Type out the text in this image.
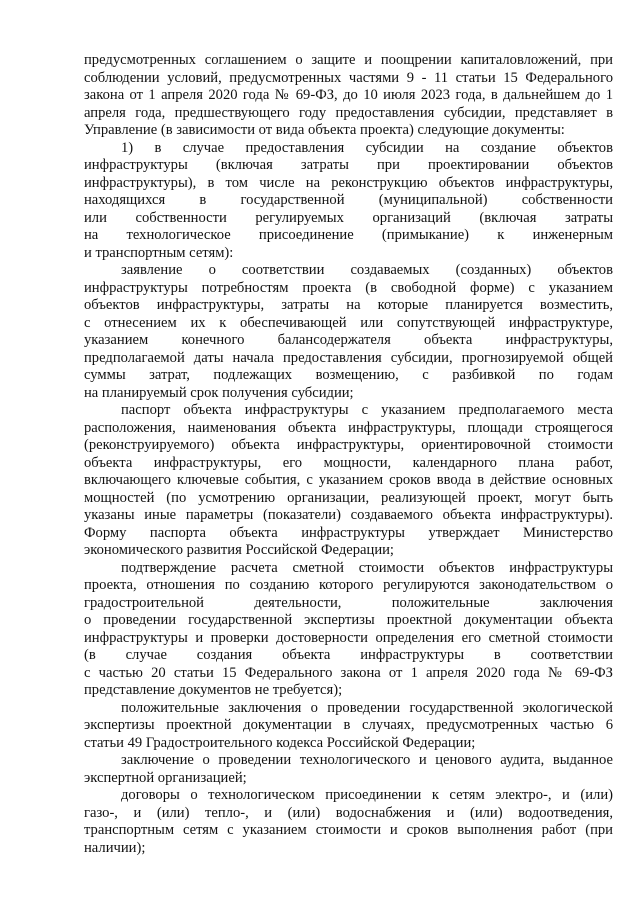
предусмотренных соглашением о защите и поощрении капиталовложений, при
соблюдении условий, предусмотренных частями 9 - 11 статьи 15 Федерального
закона от 1 апреля 2020 года № 69-ФЗ, до 10 июля 2023 года, в дальнейшем до 1
апреля года, предшествующего году предоставления субсидии, представляет в
Управление (в зависимости от вида объекта проекта) следующие документы:
1) в случае предоставления субсидии на создание объектов
инфраструктуры (включая затраты при проектировании объектов
инфраструктуры), в том числе на реконструкцию объектов инфраструктуры,
находящихся в государственной (муниципальной) собственности
или собственности регулируемых организаций (включая затраты
на технологическое присоединение (примыкание) к инженерным
и транспортным сетям):
заявление о соответствии создаваемых (созданных) объектов
инфраструктуры потребностям проекта (в свободной форме) с указанием
объектов инфраструктуры, затраты на которые планируется возместить,
с отнесением их к обеспечивающей или сопутствующей инфраструктуре,
указанием конечного балансодержателя объекта инфраструктуры,
предполагаемой даты начала предоставления субсидии, прогнозируемой общей
суммы затрат, подлежащих возмещению, с разбивкой по годам
на планируемый срок получения субсидии;
паспорт объекта инфраструктуры с указанием предполагаемого места
расположения, наименования объекта инфраструктуры, площади строящегося
(реконструируемого) объекта инфраструктуры, ориентировочной стоимости
объекта инфраструктуры, его мощности, календарного плана работ,
включающего ключевые события, с указанием сроков ввода в действие основных
мощностей (по усмотрению организации, реализующей проект, могут быть
указаны иные параметры (показатели) создаваемого объекта инфраструктуры).
Форму паспорта объекта инфраструктуры утверждает Министерство
экономического развития Российской Федерации;
подтверждение расчета сметной стоимости объектов инфраструктуры
проекта, отношения по созданию которого регулируются законодательством о
градостроительной деятельности, положительные заключения
о проведении государственной экспертизы проектной документации объекта
инфраструктуры и проверки достоверности определения его сметной стоимости
(в случае создания объекта инфраструктуры в соответствии
с частью 20 статьи 15 Федерального закона от 1 апреля 2020 года № 69-ФЗ
представление документов не требуется);
положительные заключения о проведении государственной экологической
экспертизы проектной документации в случаях, предусмотренных частью 6
статьи 49 Градостроительного кодекса Российской Федерации;
заключение о проведении технологического и ценового аудита, выданное
экспертной организацией;
договоры о технологическом присоединении к сетям электро-, и (или)
газо-, и (или) тепло-, и (или) водоснабжения и (или) водоотведения,
транспортным сетям с указанием стоимости и сроков выполнения работ (при
наличии);
